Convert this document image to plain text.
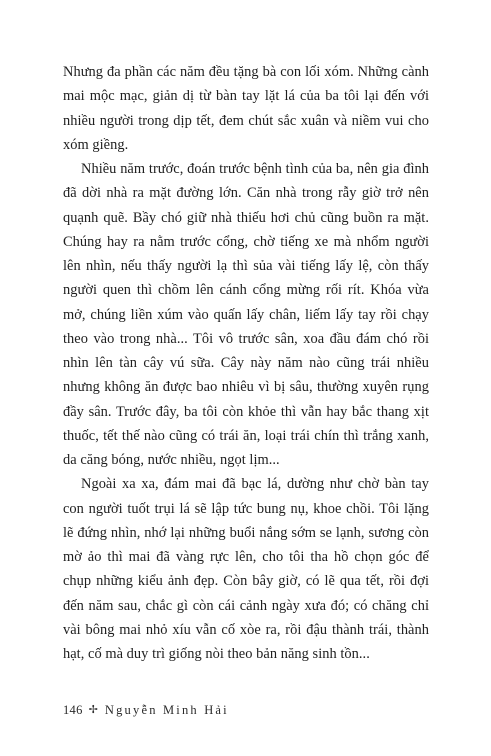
Nhưng đa phần các năm đều tặng bà con lối xóm. Những cành mai mộc mạc, giản dị từ bàn tay lặt lá của ba tôi lại đến với nhiều người trong dịp tết, đem chút sắc xuân và niềm vui cho xóm giềng.

Nhiều năm trước, đoán trước bệnh tình của ba, nên gia đình đã dời nhà ra mặt đường lớn. Căn nhà trong rẫy giờ trở nên quạnh quẽ. Bầy chó giữ nhà thiếu hơi chủ cũng buồn ra mặt. Chúng hay ra nằm trước cổng, chờ tiếng xe mà nhổm người lên nhìn, nếu thấy người lạ thì sủa vài tiếng lấy lệ, còn thấy người quen thì chồm lên cánh cổng mừng rối rít. Khóa vừa mở, chúng liền xúm vào quấn lấy chân, liếm lấy tay rồi chạy theo vào trong nhà... Tôi vô trước sân, xoa đầu đám chó rồi nhìn lên tàn cây vú sữa. Cây này năm nào cũng trái nhiều nhưng không ăn được bao nhiêu vì bị sâu, thường xuyên rụng đầy sân. Trước đây, ba tôi còn khỏe thì vẫn hay bắc thang xịt thuốc, tết thế nào cũng có trái ăn, loại trái chín thì trắng xanh, da căng bóng, nước nhiều, ngọt lịm...

Ngoài xa xa, đám mai đã bạc lá, dường như chờ bàn tay con người tuốt trụi lá sẽ lập tức bung nụ, khoe chồi. Tôi lặng lẽ đứng nhìn, nhớ lại những buổi nắng sớm se lạnh, sương còn mờ ảo thì mai đã vàng rực lên, cho tôi tha hồ chọn góc để chụp những kiểu ảnh đẹp. Còn bây giờ, có lẽ qua tết, rồi đợi đến năm sau, chắc gì còn cái cảnh ngày xưa đó; có chăng chỉ vài bông mai nhỏ xíu vẫn cố xòe ra, rồi đậu thành trái, thành hạt, cố mà duy trì giống nòi theo bản năng sinh tồn...

146 ✢ Nguyễn Minh Hải
